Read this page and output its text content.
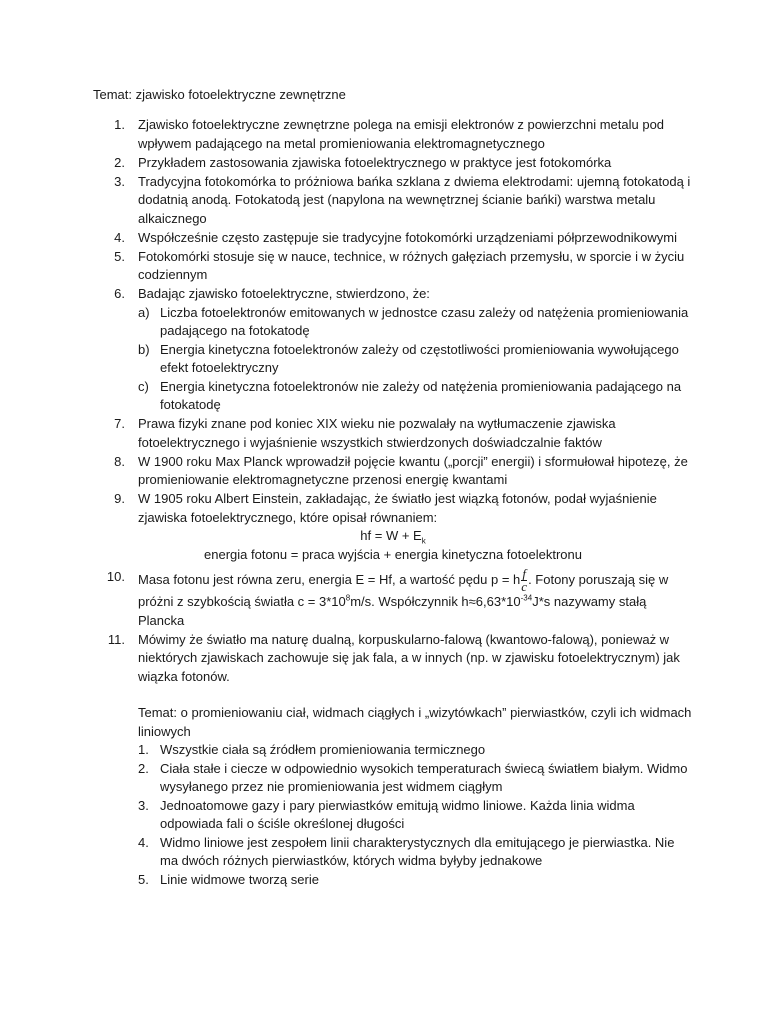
Temat: zjawisko fotoelektryczne zewnętrzne
1. Zjawisko fotoelektryczne zewnętrzne polega na emisji elektronów z powierzchni metalu pod wpływem padającego na metal promieniowania elektromagnetycznego
2. Przykładem zastosowania zjawiska fotoelektrycznego w praktyce jest fotokomórka
3. Tradycyjna fotokomórka to próżniowa bańka szklana z dwiema elektrodami: ujemną fotokatodą i dodatnią anodą. Fotokatodą jest (napylona na wewnętrznej ścianie bańki) warstwa metalu alkaicznego
4. Współcześnie często zastępuje sie tradycyjne fotokomórki urządzeniami półprzewodnikowymi
5. Fotokomórki stosuje się w nauce, technice, w różnych gałęziach przemysłu, w sporcie i w życiu codziennym
6. Badając zjawisko fotoelektryczne, stwierdzono, że:
a) Liczba fotoelektronów emitowanych w jednostce czasu zależy od natężenia promieniowania padającego na fotokatodę
b) Energia kinetyczna fotoelektronów zależy od częstotliwości promieniowania wywołującego efekt fotoelektryczny
c) Energia kinetyczna fotoelektronów nie zależy od natężenia promieniowania padającego na fotokatodę
7. Prawa fizyki znane pod koniec XIX wieku nie pozwalały na wytłumaczenie zjawiska fotoelektrycznego i wyjaśnienie wszystkich stwierdzonych doświadczalnie faktów
8. W 1900 roku Max Planck wprowadził pojęcie kwantu („porcji” energii) i sformułował hipotezę, że promieniowanie elektromagnetyczne przenosi energię kwantami
9. W 1905 roku Albert Einstein, zakładając, że światło jest wiązką fotonów, podał wyjaśnienie zjawiska fotoelektrycznego, które opisał równaniem:
hf = $W + E_k$
energia fotonu = praca wyjścia + energia kinetyczna fotoelektronu
10. Masa fotonu jest równa zeru, energia E = Hf, a wartość pędu p = h $\frac{f}{c}$ . Fotony poruszają się w próżni z szybkością światła $c = 3*10^8m/s$. Współczynnik $h\approx 6,63*10^{-34}J*s$ nazywamy stałą Plancka
11. Mówimy że światło ma naturę dualną, korpuskularno-falową (kwantowo-falową), ponieważ w niektórych zjawiskach zachowuje się jak fala, a w innych (np. w zjawisku fotoelektrycznym) jak wiązka fotonów.
Temat: o promieniowaniu ciał, widmach ciągłych i „wizytówkach” pierwiastków, czyli ich widmach liniowych
1. Wszystkie ciała są źródłem promieniowania termicznego
2. Ciała stałe i ciecze w odpowiednio wysokich temperaturach świecą światłem białym. Widmo wysyłanego przez nie promieniowania jest widmem ciągłym
3. Jednoatomowe gazy i pary pierwiastków emitują widmo liniowe. Każda linia widma odpowiada fali o ściśle określonej długości
4. Widmo liniowe jest zespołem linii charakterystycznych dla emitującego je pierwiastka. Nie ma dwóch różnych pierwiastków, których widma byłyby jednakowe
5. Linie widmowe tworzą serie
